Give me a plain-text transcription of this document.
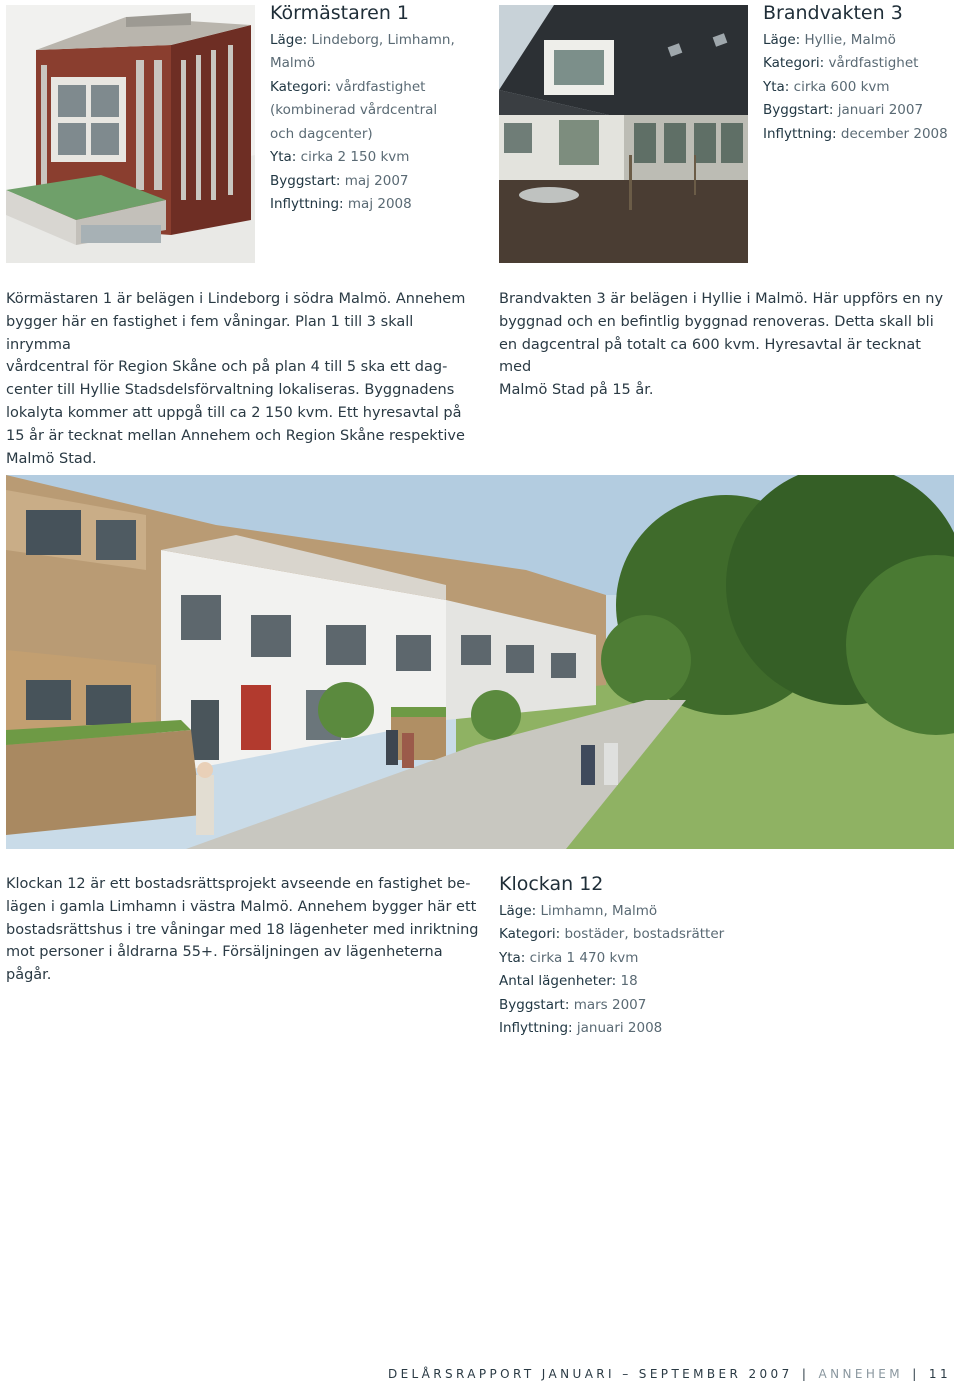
Körmästaren 1
Läge: Lindeborg, Limhamn,
Malmö
Kategori: vårdfastighet
(kombinerad vårdcentral
och dagcenter)
Yta: cirka 2 150 kvm
Byggstart: maj 2007
Inflyttning: maj 2008
Brandvakten 3
Läge: Hyllie, Malmö
Kategori: vårdfastighet
Yta: cirka 600 kvm
Byggstart: januari 2007
Inflyttning: december 2008
Körmästaren 1 är belägen i Lindeborg i södra Malmö. Annehem
bygger här en fastighet i fem våningar. Plan 1 till 3 skall inrymma
vårdcentral för Region Skåne och på plan 4 till 5 ska ett dag-
center till Hyllie Stadsdelsförvaltning lokaliseras. Byggnadens
lokalyta kommer att uppgå till ca 2 150 kvm. Ett hyresavtal på
15 år är tecknat mellan Annehem och Region Skåne respektive
Malmö Stad.
Brandvakten 3 är belägen i Hyllie i Malmö. Här uppförs en ny
byggnad och en befintlig byggnad renoveras. Detta skall bli
en dagcentral på totalt ca 600 kvm. Hyresavtal är tecknat med
Malmö Stad på 15 år.
Klockan 12 är ett bostadsrättsprojekt avseende en fastighet be-
lägen i gamla Limhamn i västra Malmö. Annehem bygger här ett
bostadsrättshus i tre våningar med 18 lägenheter med inriktning
mot personer i åldrarna 55+. Försäljningen av lägenheterna pågår.
Klockan 12
Läge: Limhamn, Malmö
Kategori: bostäder, bostadsrätter
Yta: cirka 1 470 kvm
Antal lägenheter: 18
Byggstart: mars 2007
Inflyttning: januari 2008
DELÅRSRAPPORT JANUARI – SEPTEMBER 2007 | ANNEHEM | 11
